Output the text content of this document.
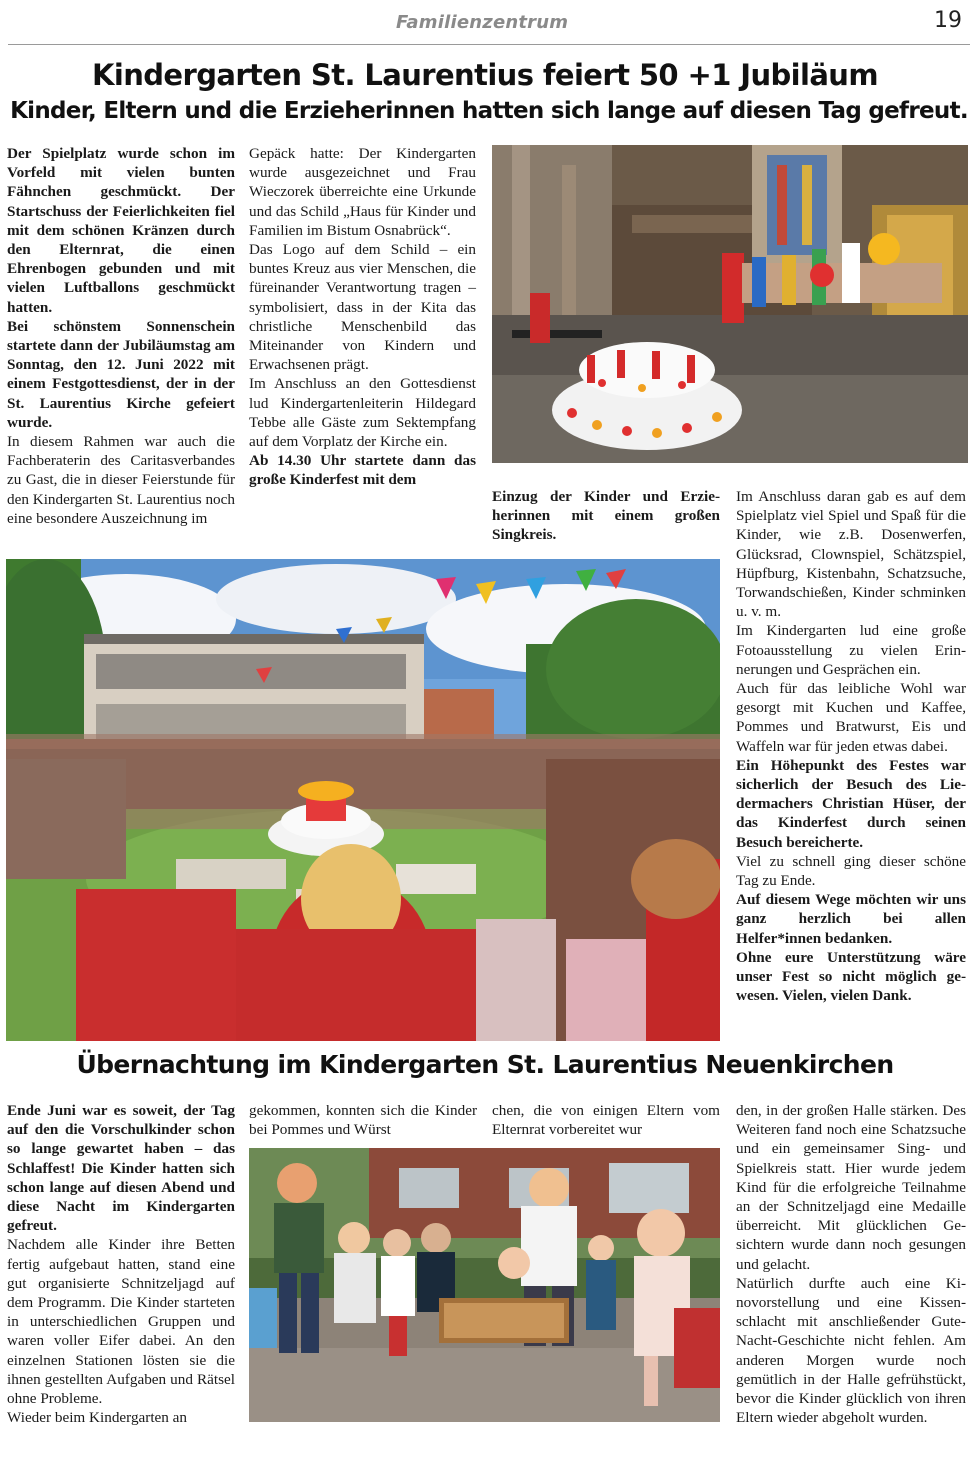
Familienzentrum	19
Kindergarten St. Laurentius feiert 50 +1 Jubiläum
Kinder, Eltern und die Erzieherinnen hatten sich lange auf diesen Tag gefreut.

Der Spielplatz wurde schon im Vorfeld mit vielen bunten Fähnchen geschmückt. Der Startschuss der Feierlichkeiten fiel mit dem schönen Kränzen durch den Elternrat, die einen Ehrenbogen gebunden und mit vielen Luftballons geschmückt hatten.

Bei schönstem Sonnenschein startete dann der Jubiläumstag am Sonntag, den 12. Juni 2022 mit einem Festgottesdienst, der in der St. Laurentius Kirche gefeiert wurde.

In diesem Rahmen war auch die Fachberaterin des Caritasverbandes zu Gast, die in dieser Feierstunde für den Kindergarten St. Laurentius noch eine besondere Auszeichnung im

Gepäck hatte: Der Kindergarten wurde ausgezeichnet und Frau Wieczorek überreichte eine Urkunde und das Schild „Haus für Kinder und Familien im Bistum Osnabrück“.

Das Logo auf dem Schild – ein buntes Kreuz aus vier Menschen, die füreinander Verantwortung tragen – symbolisiert, dass in der Kita das christliche Menschenbild das Miteinander von Kindern und Erwachsenen prägt.

Im Anschluss an den Gottesdienst lud Kindergartenleiterin Hildegard Tebbe alle Gäste zum Sektempfang auf dem Vorplatz der Kirche ein.

Ab 14.30 Uhr startete dann das große Kinderfest mit dem

Einzug der Kinder und Erzieherinnen mit einem großen Singkreis.

Im Anschluss daran gab es auf dem Spielplatz viel Spiel und Spaß für die Kinder, wie z.B. Dosenwerfen, Glücksrad, Clownspiel, Schätzspiel, Hüpfburg, Kistenbahn, Schatzsuche, Torwandschießen, Kinder schminken u. v. m.

Im Kindergarten lud eine große Fotoausstellung zu vielen Erinnerungen und Gesprächen ein.

Auch für das leibliche Wohl war gesorgt mit Kuchen und Kaffee, Pommes und Bratwurst, Eis und Waffeln war für jeden etwas dabei.

Ein Höhepunkt des Festes war sicherlich der Besuch des Liedermachers Christian Hüser, der das Kinderfest durch seinen Besuch bereicherte.

Viel zu schnell ging dieser schöne Tag zu Ende.

Auf diesem Wege möchten wir uns ganz herzlich bei allen Helfer*innen bedanken.

Ohne eure Unterstützung wäre unser Fest so nicht möglich gewesen. Vielen, vielen Dank.

Übernachtung im Kindergarten St. Laurentius Neuenkirchen

Ende Juni war es soweit, der Tag auf den die Vorschulkinder schon so lange gewartet haben – das Schlaffest! Die Kinder hatten sich schon lange auf diesen Abend und diese Nacht im Kindergarten gefreut.

Nachdem alle Kinder ihre Betten fertig aufgebaut hatten, stand eine gut organisierte Schnitzeljagd auf dem Programm. Die Kinder starteten in unterschiedlichen Gruppen und waren voller Eifer dabei. An den einzelnen Stationen lösten sie die ihnen gestellten Aufgaben und Rätsel ohne Probleme.

Wieder beim Kindergarten an

gekommen, konnten sich die Kinder bei Pommes und Würst

chen, die von einigen Eltern vom Elternrat vorbereitet wur

den, in der großen Halle stärken. Des Weiteren fand noch eine Schatzsuche und ein gemeinsamer Sing- und Spielkreis statt. Hier wurde jedem Kind für die erfolgreiche Teilnahme an der Schnitzeljagd eine Medaille überreicht. Mit glücklichen Gesichtern wurde dann noch gesungen und gelacht.

Natürlich durfte auch eine Kinovorstellung und eine Kissenschlacht mit anschließender Gute-Nacht-Geschichte nicht fehlen. Am anderen Morgen wurde noch gemütlich in der Halle gefrühstückt, bevor die Kinder glücklich von ihren Eltern wieder abgeholt wurden.
